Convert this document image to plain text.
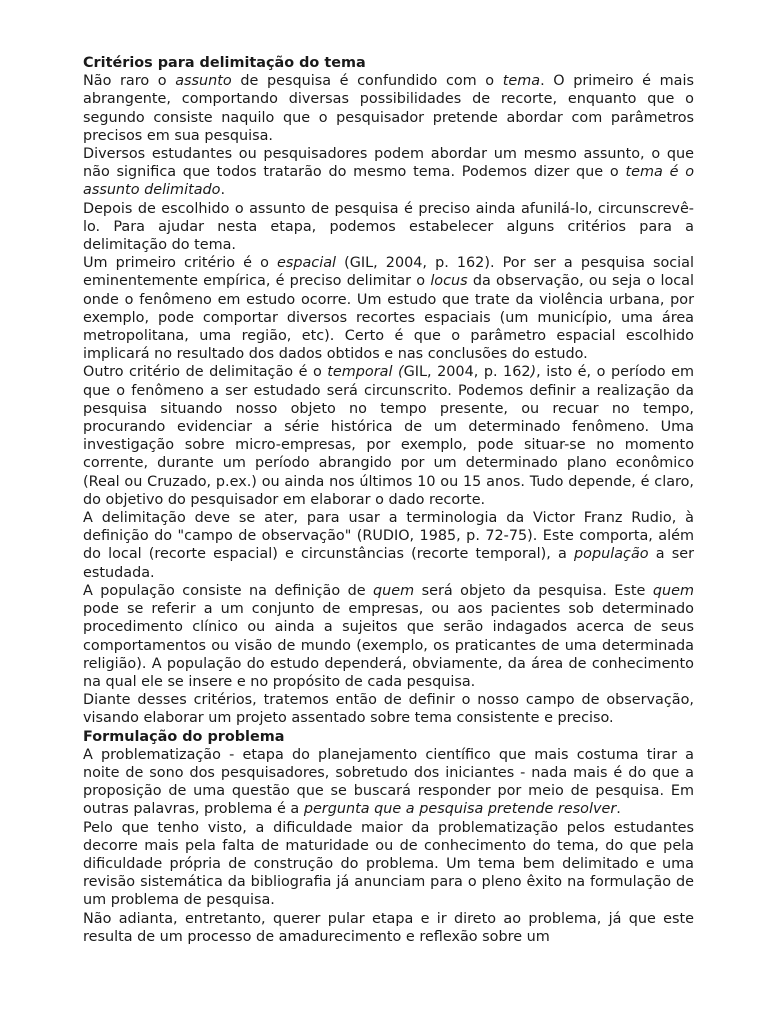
Critérios para delimitação do tema

Não raro o assunto de pesquisa é confundido com o tema. O primeiro é mais abrangente, comportando diversas possibilidades de recorte, enquanto que o segundo consiste naquilo que o pesquisador pretende abordar com parâmetros precisos em sua pesquisa.

Diversos estudantes ou pesquisadores podem abordar um mesmo assunto, o que não significa que todos tratarão do mesmo tema. Podemos dizer que o tema é o assunto delimitado.

Depois de escolhido o assunto de pesquisa é preciso ainda afunilá-lo, circunscrevê-lo. Para ajudar nesta etapa, podemos estabelecer alguns critérios para a delimitação do tema.

Um primeiro critério é o espacial (GIL, 2004, p. 162). Por ser a pesquisa social eminentemente empírica, é preciso delimitar o locus da observação, ou seja o local onde o fenômeno em estudo ocorre. Um estudo que trate da violência urbana, por exemplo, pode comportar diversos recortes espaciais (um município, uma área metropolitana, uma região, etc). Certo é que o parâmetro espacial escolhido implicará no resultado dos dados obtidos e nas conclusões do estudo.

Outro critério de delimitação é o temporal (GIL, 2004, p. 162), isto é, o período em que o fenômeno a ser estudado será circunscrito. Podemos definir a realização da pesquisa situando nosso objeto no tempo presente, ou recuar no tempo, procurando evidenciar a série histórica de um determinado fenômeno. Uma investigação sobre micro-empresas, por exemplo, pode situar-se no momento corrente, durante um período abrangido por um determinado plano econômico (Real ou Cruzado, p.ex.) ou ainda nos últimos 10 ou 15 anos. Tudo depende, é claro, do objetivo do pesquisador em elaborar o dado recorte.

A delimitação deve se ater, para usar a terminologia da Victor Franz Rudio, à definição do "campo de observação" (RUDIO, 1985, p. 72-75). Este comporta, além do local (recorte espacial) e circunstâncias (recorte temporal), a população a ser estudada.

A população consiste na definição de quem será objeto da pesquisa. Este quem pode se referir a um conjunto de empresas, ou aos pacientes sob determinado procedimento clínico ou ainda a sujeitos que serão indagados acerca de seus comportamentos ou visão de mundo (exemplo, os praticantes de uma determinada religião). A população do estudo dependerá, obviamente, da área de conhecimento na qual ele se insere e no propósito de cada pesquisa.

Diante desses critérios, tratemos então de definir o nosso campo de observação, visando elaborar um projeto assentado sobre tema consistente e preciso.

Formulação do problema

A problematização - etapa do planejamento científico que mais costuma tirar a noite de sono dos pesquisadores, sobretudo dos iniciantes - nada mais é do que a proposição de uma questão que se buscará responder por meio de pesquisa. Em outras palavras, problema é a pergunta que a pesquisa pretende resolver.

Pelo que tenho visto, a dificuldade maior da problematização pelos estudantes decorre mais pela falta de maturidade ou de conhecimento do tema, do que pela dificuldade própria de construção do problema. Um tema bem delimitado e uma revisão sistemática da bibliografia já anunciam para o pleno êxito na formulação de um problema de pesquisa.

Não adianta, entretanto, querer pular etapa e ir direto ao problema, já que este resulta de um processo de amadurecimento e reflexão sobre um
